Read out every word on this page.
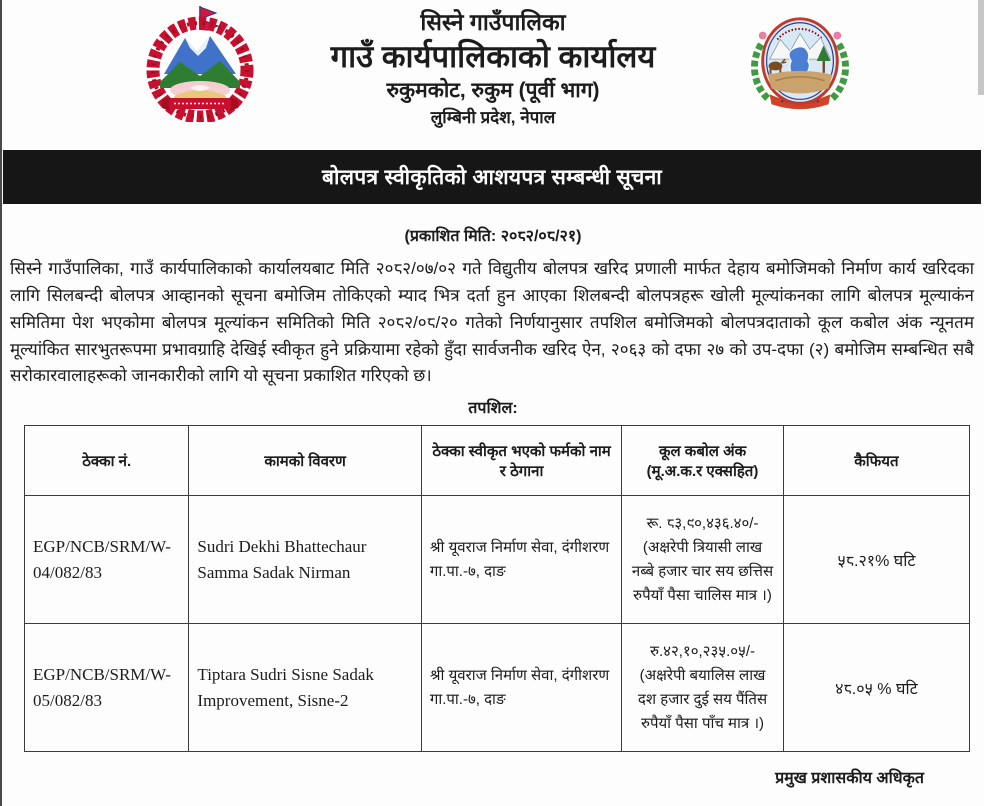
सिस्ने गाउँपालिका
गाउँ कार्यपालिकाको कार्यालय
रुकुमकोट, रुकुम (पूर्वी भाग)
लुम्बिनी प्रदेश, नेपाल
बोलपत्र स्वीकृतिको आशयपत्र सम्बन्धी सूचना
(प्रकाशित मिति: २०८२/०८/२१)

सिस्ने गाउँपालिका, गाउँ कार्यपालिकाको कार्यालयबाट मिति २०८२/०७/०२ गते विद्युतीय बोलपत्र खरिद प्रणाली मार्फत देहाय बमोजिमको निर्माण कार्य खरिदका लागि सिलबन्दी बोलपत्र आव्हानको सूचना बमोजिम तोकिएको म्याद भित्र दर्ता हुन आएका शिलबन्दी बोलपत्रहरू खोली मूल्यांकनका लागि बोलपत्र मूल्याकंन समितिमा पेश भएकोमा बोलपत्र मूल्यांकन समितिको मिति २०८२/०८/२० गतेको निर्णयानुसार तपशिल बमोजिमको बोलपत्रदाताको कूल कबोल अंक न्यूनतम मूल्यांकित सारभुतरूपमा प्रभावग्राहि देखिई स्वीकृत हुने प्रक्रियामा रहेको हुँदा सार्वजनीक खरिद ऐन, २०६३ को दफा २७ को उप-दफा (२) बमोजिम सम्बन्धित सबै सरोकारवालाहरूको जानकारीको लागि यो सूचना प्रकाशित गरिएको छ।

तपशिल:
ठेक्का नं.	कामको विवरण	ठेक्का स्वीकृत भएको फर्मको नाम र ठेगाना	कूल कबोल अंक (मू.अ.क.र एक्सहित)	कैफियत
EGP/NCB/SRM/W-04/082/83	Sudri Dekhi Bhattechaur Samma Sadak Nirman	श्री यूवराज निर्माण सेवा, दंगीशरण गा.पा.-७, दाङ	रू. ८३,९०,४३६.४०/- (अक्षरेपी त्रियासी लाख नब्बे हजार चार सय छत्तिस रुपैयाँ पैसा चालिस मात्र ।)	५८.२१% घटि
EGP/NCB/SRM/W-05/082/83	Tiptara Sudri Sisne Sadak Improvement, Sisne-2	श्री यूवराज निर्माण सेवा, दंगीशरण गा.पा.-७, दाङ	रु.४२,१०,२३५.०५/- (अक्षरेपी बयालिस लाख दश हजार दुई सय पैंतिस रुपैयाँ पैसा पाँच मात्र ।)	४८.०५ % घटि
प्रमुख प्रशासकीय अधिकृत
